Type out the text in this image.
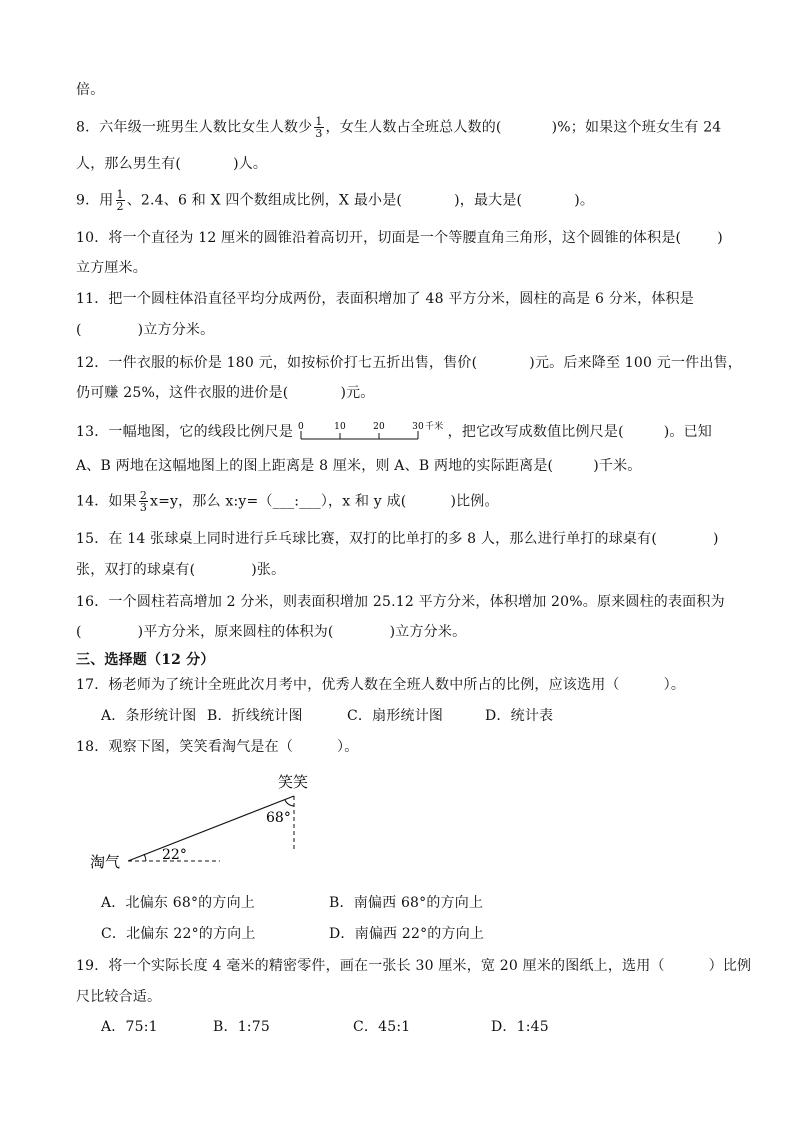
倍。
8．六年级一班男生人数比女生人数少 $\frac{1}{3}$ ，女生人数占全班总人数的(	)%；如果这个班女生有 24
人，那么男生有(	)人。
9．用 $\frac{1}{2}$ 、2.4、6 和 X 四个数组成比例，X 最小是(	)，最大是(	)。
10．将一个直径为 12 厘米的圆锥沿着高切开，切面是一个等腰直角三角形，这个圆锥的体积是(	)
立方厘米。
11．把一个圆柱体沿直径平均分成两份，表面积增加了 48 平方分米，圆柱的高是 6 分米，体积是
(	)立方分米。
12．一件衣服的标价是 180 元，如按标价打七五折出售，售价(	)元。后来降至 100 元一件出售，
仍可赚 25%，这件衣服的进价是(	)元。
13．一幅地图，它的线段比例尺是 0	10	20	30 千米 ，把它改写成数值比例尺是(	)。已知
A、B 两地在这幅地图上的图上距离是 8 厘米，则 A、B 两地的实际距离是(	)千米。
14．如果 $\frac{2}{3} x=y$，那么 x:y=（___:___），x 和 y 成(	)比例。
15．在 14 张球桌上同时进行乒乓球比赛，双打的比单打的多 8 人，那么进行单打的球桌有(	)
张，双打的球桌有(	)张。
16．一个圆柱若高增加 2 分米，则表面积增加 25.12 平方分米，体积增加 20%。原来圆柱的表面积为
(	)平方分米，原来圆柱的体积为(	)立方分米。
三、选择题（12 分）
17．杨老师为了统计全班此次月考中，优秀人数在全班人数中所占的比例，应该选用（	）。
A．条形统计图 B．折线统计图	C．扇形统计图	D．统计表
18．观察下图，笑笑看淘气是在（	）。
笑笑
淘气
68°
22°
A．北偏东 68°的方向上	B．南偏西 68°的方向上
C．北偏东 22°的方向上	D．南偏西 22°的方向上
19．将一个实际长度 4 毫米的精密零件，画在一张长 30 厘米，宽 20 厘米的图纸上，选用（	）比例
尺比较合适。
A．75:1	B．1:75	C．45:1	D．1:45
